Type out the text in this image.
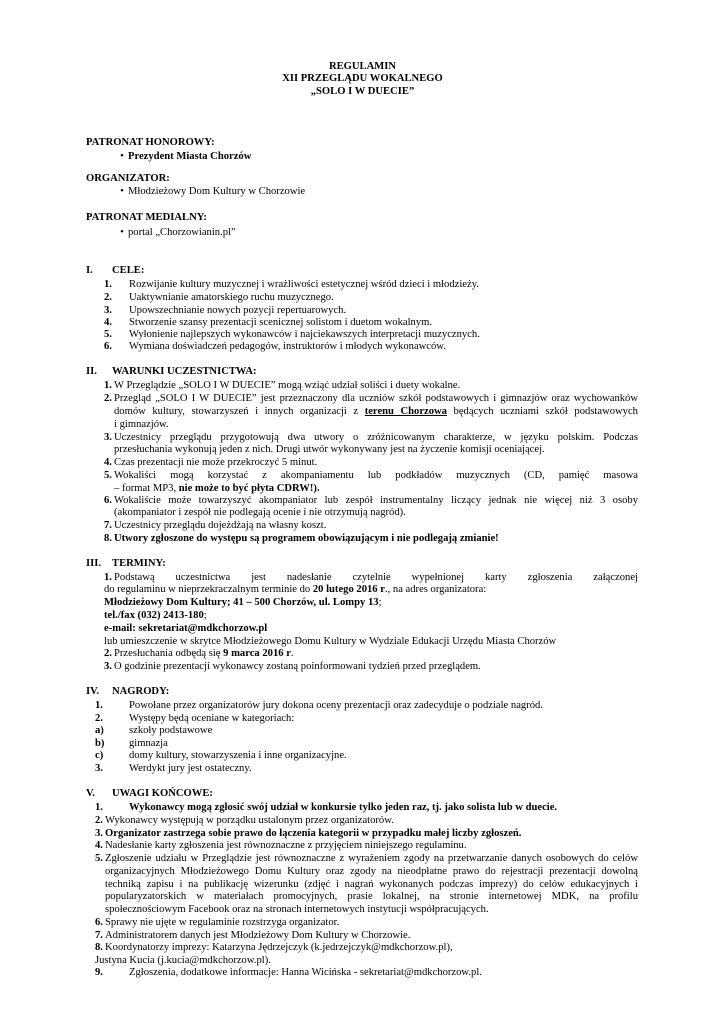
REGULAMIN
XII PRZEGLĄDU WOKALNEGO
„SOLO I W DUECIE”
PATRONAT HONOROWY:
• Prezydent Miasta Chorzów
ORGANIZATOR:
• Młodzieżowy Dom Kultury w Chorzowie
PATRONAT MEDIALNY:
• portal „Chorzowianin.pl”
I. CELE:
1. Rozwijanie kultury muzycznej i wrażliwości estetycznej wśród dzieci i młodzieży.
2. Uaktywnianie amatorskiego ruchu muzycznego.
3. Upowszechnianie nowych pozycji repertuarowych.
4. Stworzenie szansy prezentacji scenicznej solistom i duetom wokalnym.
5. Wyłonienie najlepszych wykonawców i najciekawszych interpretacji muzycznych.
6. Wymiana doświadczeń pedagogów, instruktorów i młodych wykonawców.
II. WARUNKI UCZESTNICTWA:
1. W Przeglądzie „SOLO I W DUECIE” mogą wziąć udział soliści i duety wokalne.
2. Przegląd „SOLO I W DUECIE” jest przeznaczony dla uczniów szkół podstawowych i gimnazjów oraz wychowanków
domów kultury, stowarzyszeń i innych organizacji z terenu Chorzowa będących uczniami szkół podstawowych
i gimnazjów.
3. Uczestnicy przeglądu przygotowują dwa utwory o zróżnicowanym charakterze, w języku polskim. Podczas
przesłuchania wykonują jeden z nich. Drugi utwór wykonywany jest na życzenie komisji oceniającej.
4. Czas prezentacji nie może przekroczyć 5 minut.
5. Wokaliści mogą korzystać z akompaniamentu lub podkładów muzycznych (CD, pamięć masowa
– format MP3, nie może to być płyta CDRW!).
6. Wokaliście może towarzyszyć akompaniator lub zespół instrumentalny liczący jednak nie więcej niż 3 osoby
(akompaniator i zespół nie podlegają ocenie i nie otrzymują nagród).
7. Uczestnicy przeglądu dojeżdżają na własny koszt.
8. Utwory zgłoszone do występu są programem obowiązującym i nie podlegają zmianie!
III. TERMINY:
1. Podstawą uczestnictwa jest nadesłanie czytelnie wypełnionej karty zgłoszenia załączonej
do regulaminu w nieprzekraczalnym terminie do 20 lutego 2016 r., na adres organizatora:
Młodzieżowy Dom Kultury; 41 – 500 Chorzów, ul. Lompy 13;
tel./fax (032) 2413-180;
e-mail: sekretariat@mdkchorzow.pl
lub umieszczenie w skrytce Młodzieżowego Domu Kultury w Wydziale Edukacji Urzędu Miasta Chorzów
2. Przesłuchania odbędą się 9 marca 2016 r.
3. O godzinie prezentacji wykonawcy zostaną poinformowani tydzień przed przeglądem.
IV. NAGRODY:
1. Powołane przez organizatorów jury dokona oceny prezentacji oraz zadecyduje o podziale nagród.
2. Występy będą oceniane w kategoriach:
a) szkoły podstawowe
b) gimnazja
c) domy kultury, stowarzyszenia i inne organizacyjne.
3. Werdykt jury jest ostateczny.
V. UWAGI KOŃCOWE:
1. Wykonawcy mogą zgłosić swój udział w konkursie tylko jeden raz, tj. jako solista lub w duecie.
2. Wykonawcy występują w porządku ustalonym przez organizatorów.
3. Organizator zastrzega sobie prawo do łączenia kategorii w przypadku małej liczby zgłoszeń.
4. Nadesłanie karty zgłoszenia jest równoznaczne z przyjęciem niniejszego regulaminu.
5. Zgłoszenie udziału w Przeglądzie jest równoznaczne z wyrażeniem zgody na przetwarzanie danych osobowych do celów
organizacyjnych Młodzieżowego Domu Kultury oraz zgody na nieodpłatne prawo do rejestracji prezentacji dowolną
techniką zapisu i na publikację wizerunku (zdjęć i nagrań wykonanych podczas imprezy) do celów edukacyjnych i
popularyzatorskich w materiałach promocyjnych, prasie lokalnej, na stronie internetowej MDK, na profilu
społecznościowym Facebook oraz na stronach internetowych instytucji współpracujących.
6. Sprawy nie ujęte w regulaminie rozstrzyga organizator.
7. Administratorem danych jest Młodzieżowy Dom Kultury w Chorzowie.
8. Koordynatorzy imprezy: Katarzyna Jędrzejczyk (k.jedrzejczyk@mdkchorzow.pl),
Justyna Kucia (j.kucia@mdkchorzow.pl).
9. Zgłoszenia, dodatkowe informacje: Hanna Wicińska - sekretariat@mdkchorzow.pl.
